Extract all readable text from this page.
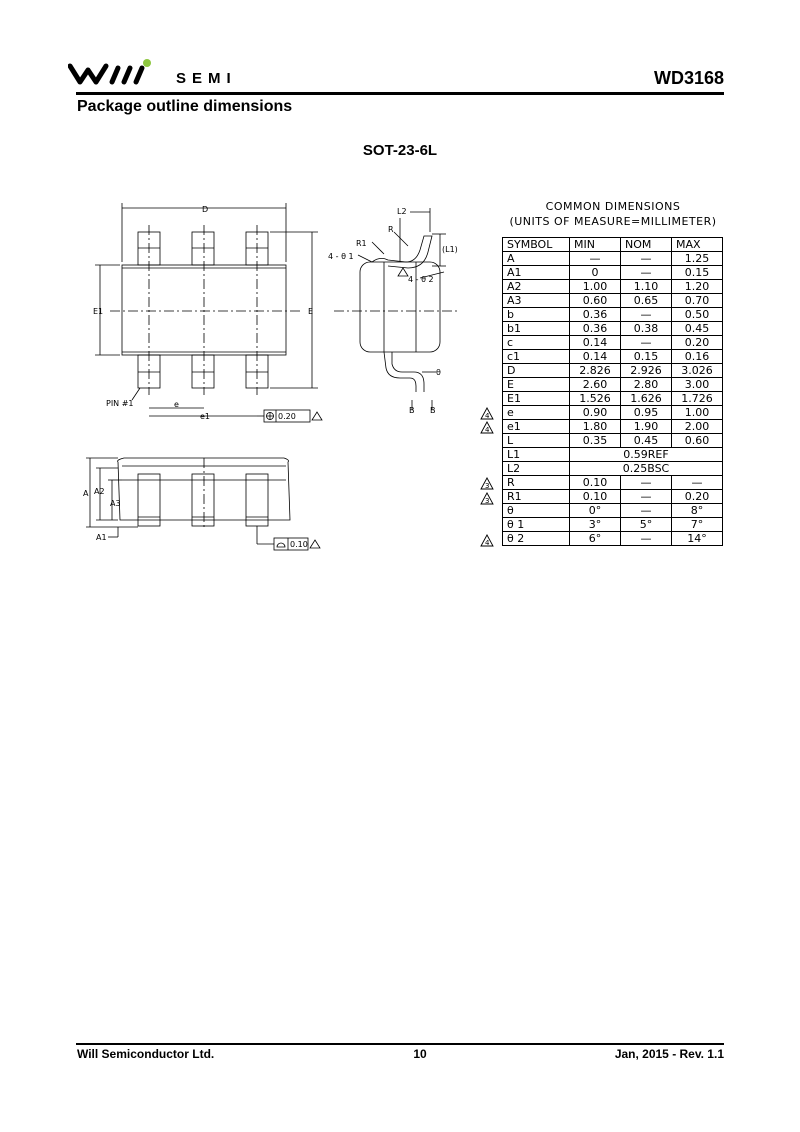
SEMI	WD3168
Package outline dimensions
SOT-23-6L
D
E1	E
PIN #1	e
e1	0.20
L2
(L1)
R
R1
4 - θ 1
4 - θ 2
θ
B B
A A2
A3
A1
0.10
COMMON DIMENSIONS
(UNITS OF MEASURE=MILLIMETER)
4
4
3
3
4
SYMBOL	MIN	NOM	MAX
A	—	—	1.25
A1	0	—	0.15
A2	1.00	1.10	1.20
A3	0.60	0.65	0.70
b	0.36	—	0.50
b1	0.36	0.38	0.45
c	0.14	—	0.20
c1	0.14	0.15	0.16
D	2.826	2.926	3.026
E	2.60	2.80	3.00
E1	1.526	1.626	1.726
e	0.90	0.95	1.00
e1	1.80	1.90	2.00
L	0.35	0.45	0.60
L1	0.59REF		
L2	0.25BSC		
R	0.10	—	—
R1	0.10	—	0.20
θ	0°	—	8°
θ 1	3°	5°	7°
θ 2	6°	—	14°
Will Semiconductor Ltd.	10	Jan, 2015 - Rev. 1.1
